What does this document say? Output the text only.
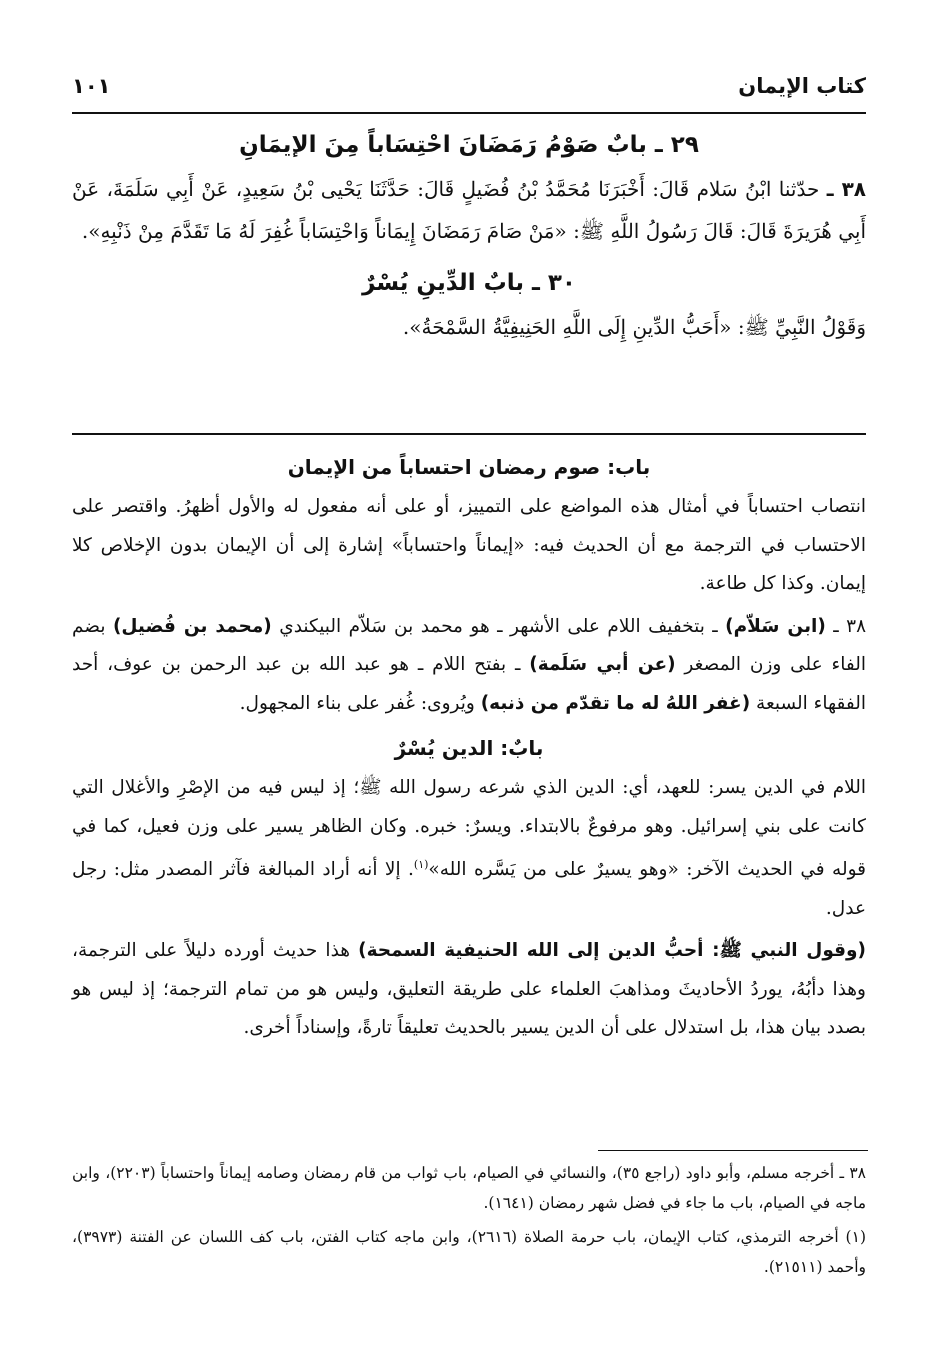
كتاب الإيمان
١٠١
٢٩ ـ بابٌ صَوْمُ رَمَضَانَ احْتِسَاباً مِنَ الإيمَانِ

٣٨ ـ حدّثنا ابْنُ سَلام قَالَ: أَخْبَرَنَا مُحَمَّدُ بْنُ فُضَيلٍ قَالَ: حَدَّثَنَا يَحْيى بْنُ سَعِيدٍ، عَنْ أَبِي سَلَمَةَ، عَنْ أَبِي هُرَيرَةَ قَالَ: قَالَ رَسُولُ اللَّهِ ﷺ: «مَنْ صَامَ رَمَضَانَ إِيمَاناً وَاحْتِسَاباً غُفِرَ لَهُ مَا تَقَدَّمَ مِنْ ذَنْبِهِ».

٣٠ ـ بابٌ الدِّينِ يُسْرٌ

وَقَوْلُ النَّبِيِّ ﷺ: «أَحَبُّ الدِّينِ إِلَى اللَّهِ الحَنِيفِيَّةُ السَّمْحَةُ».

باب: صوم رمضان احتساباً من الإيمان

انتصاب احتساباً في أمثال هذه المواضع على التمييز، أو على أنه مفعول له والأول أظهرُ. واقتصر على الاحتساب في الترجمة مع أن الحديث فيه: «إيماناً واحتساباً» إشارة إلى أن الإيمان بدون الإخلاص كلا إيمان. وكذا كل طاعة.

٣٨ ـ (ابن سَلاّم) ـ بتخفيف اللام على الأشهر ـ هو محمد بن سَلاّم البيكندي (محمد بن فُضيل) بضم الفاء على وزن المصغر (عن أبي سَلَمة) ـ بفتح اللام ـ هو عبد الله بن عبد الرحمن بن عوف، أحد الفقهاء السبعة (غفر اللهُ له ما تقدّم من ذنبه) ويُروى: غُفر على بناء المجهول.

بابٌ: الدين يُسْرٌ

اللام في الدين يسر: للعهد، أي: الدين الذي شرعه رسول الله ﷺ؛ إذ ليس فيه من الإصْرِ والأغلال التي كانت على بني إسرائيل. وهو مرفوعٌ بالابتداء. ويسرٌ: خبره. وكان الظاهر يسير على وزن فعيل، كما في قوله في الحديث الآخر: «وهو يسيرٌ على من يَسَّره الله»$^{(١)}$. إلا أنه أراد المبالغة فآثر المصدر مثل: رجل عدل.

(وقول النبي ﷺ: أحبُّ الدين إلى الله الحنيفية السمحة) هذا حديث أورده دليلاً على الترجمة، وهذا دأبُهُ، يوردُ الأحاديثَ ومذاهبَ العلماء على طريقة التعليق، وليس هو من تمام الترجمة؛ إذ ليس هو بصدد بيان هذا، بل استدلال على أن الدين يسير بالحديث تعليقاً تارةً، وإسناداً أخرى.

٣٨ ـ أخرجه مسلم، وأبو داود (راجع ٣٥)، والنسائي في الصيام، باب ثواب من قام رمضان وصامه إيماناً واحتساباً (٢٢٠٣)، وابن ماجه في الصيام، باب ما جاء في فضل شهر رمضان (١٦٤١).

(١) أخرجه الترمذي، كتاب الإيمان، باب حرمة الصلاة (٢٦١٦)، وابن ماجه كتاب الفتن، باب كف اللسان عن الفتنة (٣٩٧٣)، وأحمد (٢١٥١١).
